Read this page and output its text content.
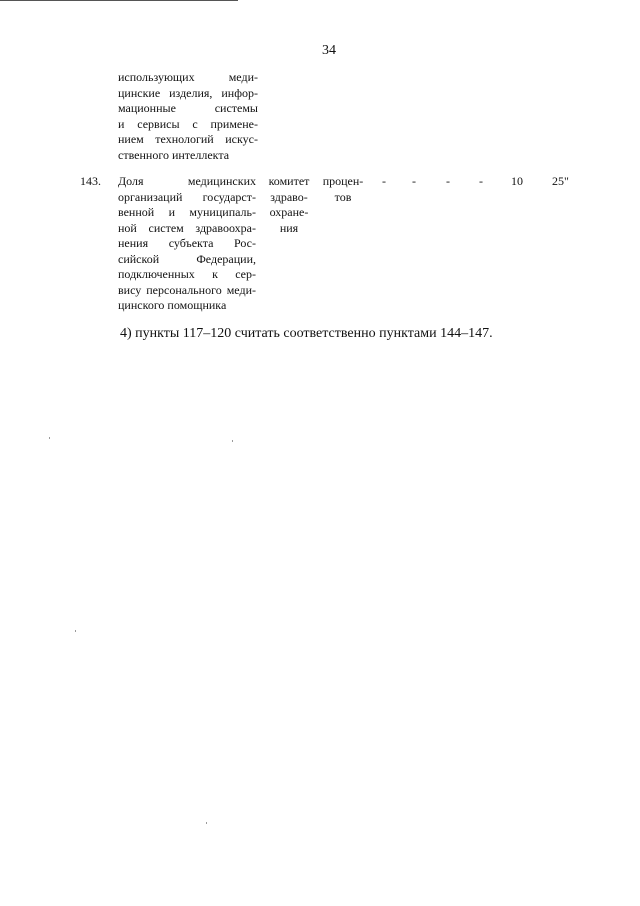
34
использующих меди-
цинские изделия, инфор-
мационные системы
и сервисы с примене-
нием технологий искус-
ственного интеллекта
143. Доля медицинских
организаций государст-
венной и муниципаль-
ной систем здравоохра-
нения субъекта Рос-
сийской Федерации,
подключенных к сер-
вису персонального меди-
цинского помощника
комитет
здраво-
охране-
ния
процен-
тов
- -	- - 10 25"
4) пункты 117–120 считать соответственно пунктами 144–147.
